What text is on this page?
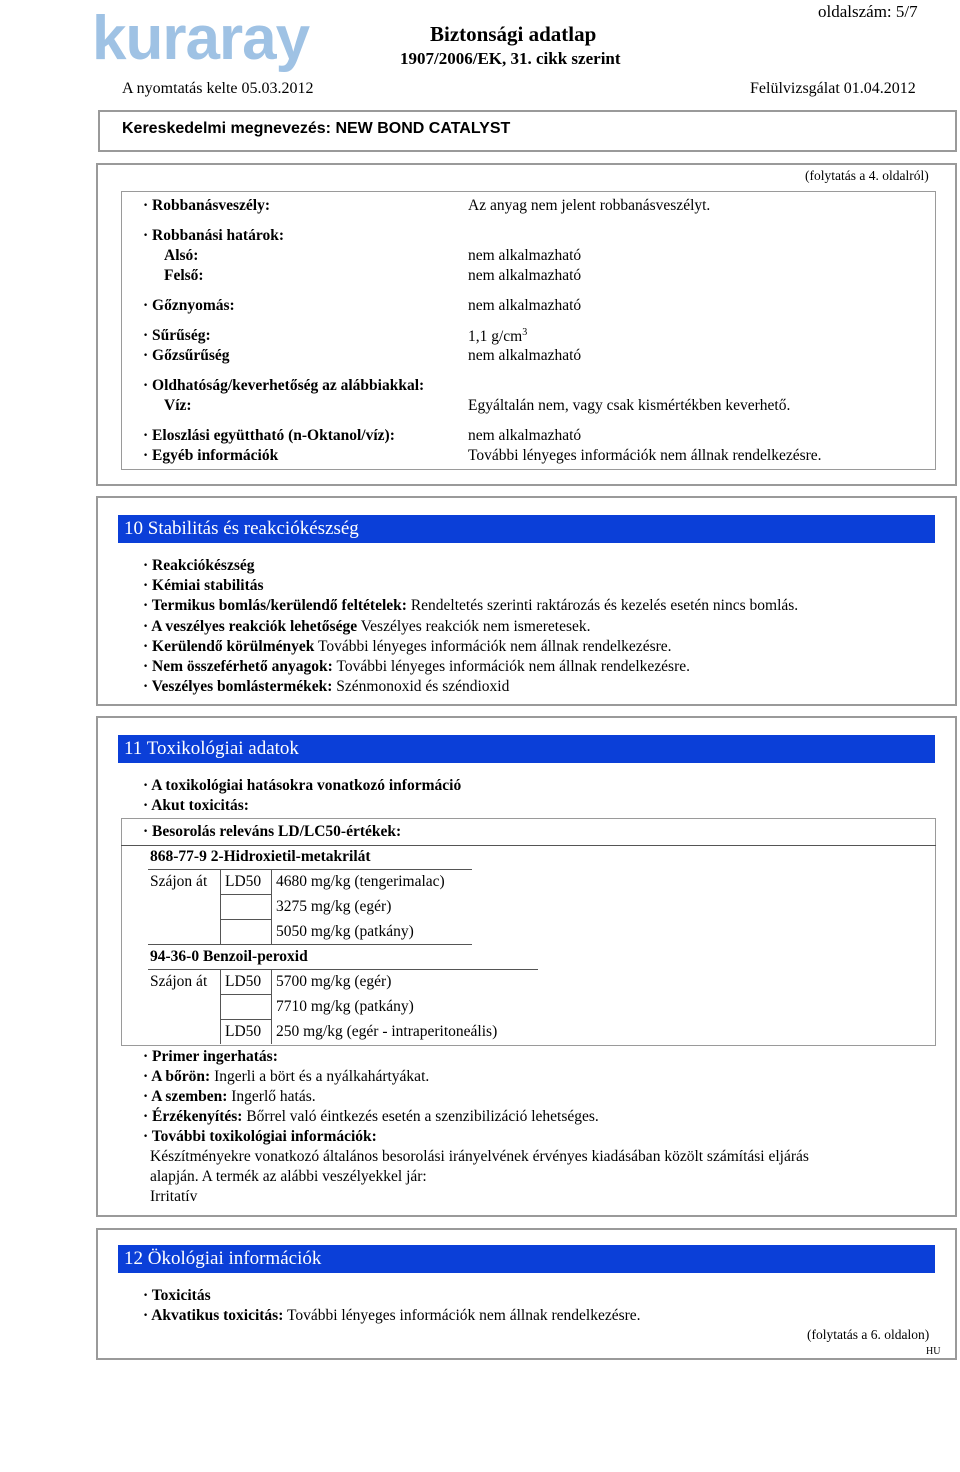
kuraray	Biztonsági adatlap
1907/2006/EK, 31. cikk szerint
oldalszám: 5/7
A nyomtatás kelte 05.03.2012	Felülvizsgálat 01.04.2012
Kereskedelmi megnevezés: NEW BOND CATALYST
(folytatás a 4. oldalról)
· Robbanásveszély:	Az anyag nem jelent robbanásveszélyt.
· Robbanási határok:
Alsó:	nem alkalmazható
Felső:	nem alkalmazható
· Gőznyomás:	nem alkalmazható
· Sűrűség:	1,1 $g/cm^3$
· Gőzsűrűség	nem alkalmazható
· Oldhatóság/keverhetőség az alábbiakkal:
Víz:	Egyáltalán nem, vagy csak kismértékben keverhető.
· Eloszlási együttható (n-Oktanol/víz):	nem alkalmazható
· Egyéb információk	További lényeges információk nem állnak rendelkezésre.
10 Stabilitás és reakciókészség
· Reakciókészség
· Kémiai stabilitás
· Termikus bomlás/kerülendő feltételek: Rendeltetés szerinti raktározás és kezelés esetén nincs bomlás.
· A veszélyes reakciók lehetősége Veszélyes reakciók nem ismeretesek.
· Kerülendő körülmények További lényeges információk nem állnak rendelkezésre.
· Nem összeférhető anyagok: További lényeges információk nem állnak rendelkezésre.
· Veszélyes bomlástermékek: Szénmonoxid és széndioxid
11 Toxikológiai adatok
· A toxikológiai hatásokra vonatkozó információ
· Akut toxicitás:
· Besorolás releváns LD/LC50-értékek:
868-77-9 2-Hidroxietil-metakrilát
Szájon át LD50 4680 mg/kg (tengerimalac)
3275 mg/kg (egér)
5050 mg/kg (patkány)
94-36-0 Benzoil-peroxid
Szájon át LD50 5700 mg/kg (egér)
7710 mg/kg (patkány)
LD50 250 mg/kg (egér - intraperitoneális)
· Primer ingerhatás:
· A bőrön: Ingerli a bört és a nyálkahártyákat.
· A szemben: Ingerlő hatás.
· Érzékenyítés: Bőrrel való éintkezés esetén a szenzibilizáció lehetséges.
· További toxikológiai információk:
Készítményekre vonatkozó általános besorolási irányelvének érvényes kiadásában közölt számítási eljárás
alapján. A termék az alábbi veszélyekkel jár:
Irritatív
12 Ökológiai információk
· Toxicitás
· Akvatikus toxicitás: További lényeges információk nem állnak rendelkezésre.
(folytatás a 6. oldalon)
HU
